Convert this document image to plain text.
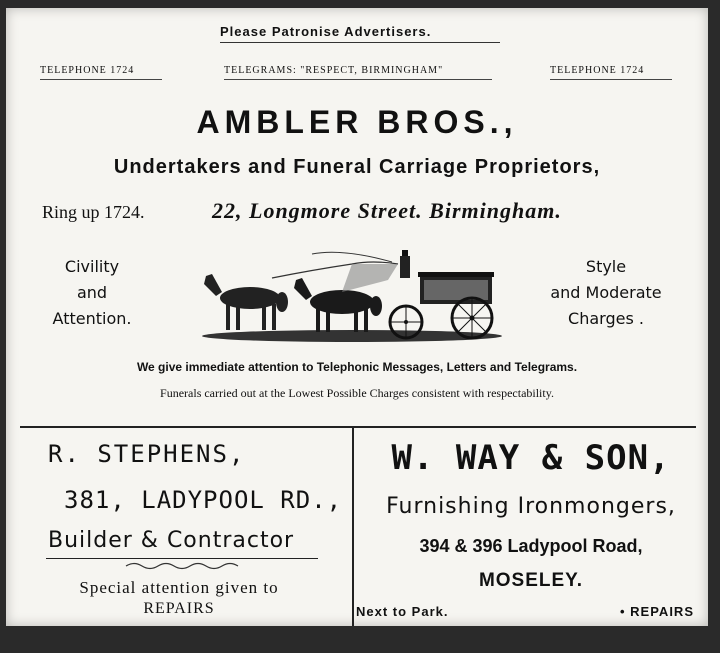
Please Patronise Advertisers.
TELEPHONE 1724	TELEGRAMS: "RESPECT, BIRMINGHAM"	TELEPHONE 1724
AMBLER BROS.,
Undertakers and Funeral Carriage Proprietors,
Ring up 1724.	22, Longmore Street. Birmingham.
Civility
and
Attention.
Style
and Moderate
Charges .
We give immediate attention to Telephonic Messages, Letters and Telegrams.
Funerals carried out at the Lowest Possible Charges consistent with respectability.
R. STEPHENS,
381, LADYPOOL RD.,
Builder & Contractor
Special attention given to
REPAIRS
W. WAY & SON,
Furnishing Ironmongers,
394 & 396 Ladypool Road,
MOSELEY.
Next to Park.	• REPAIRS
